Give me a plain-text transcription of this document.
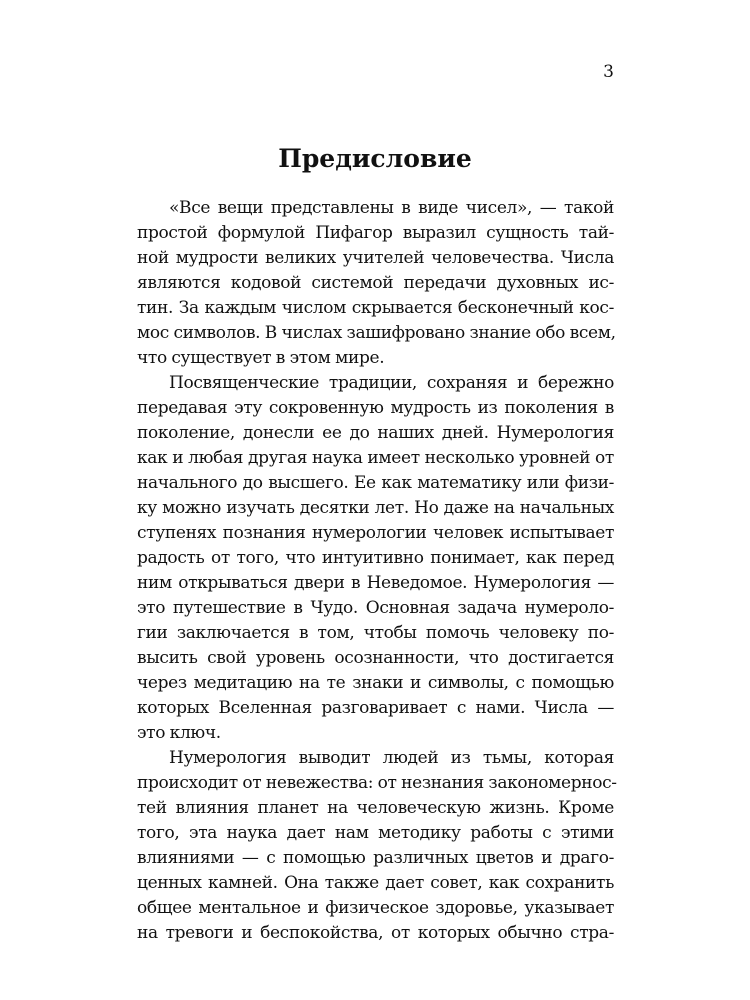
3
Предисловие
«Все вещи представлены в виде чисел», — такой
простой формулой Пифагор выразил сущность тай-
ной мудрости великих учителей человечества. Числа
являются кодовой системой передачи духовных ис-
тин. За каждым числом скрывается бесконечный кос-
мос символов. В числах зашифровано знание обо всем,
что существует в этом мире.
Посвященческие традиции, сохраняя и бережно
передавая эту сокровенную мудрость из поколения в
поколение, донесли ее до наших дней. Нумерология
как и любая другая наука имеет несколько уровней от
начального до высшего. Ее как математику или физи-
ку можно изучать десятки лет. Но даже на начальных
ступенях познания нумерологии человек испытывает
радость от того, что интуитивно понимает, как перед
ним открываться двери в Неведомое. Нумерология —
это путешествие в Чудо. Основная задача нумероло-
гии заключается в том, чтобы помочь человеку по-
высить свой уровень осознанности, что достигается
через медитацию на те знаки и символы, с помощью
которых Вселенная разговаривает с нами. Числа —
это ключ.
Нумерология выводит людей из тьмы, которая
происходит от невежества: от незнания закономернос-
тей влияния планет на человеческую жизнь. Кроме
того, эта наука дает нам методику работы с этими
влияниями — с помощью различных цветов и драго-
ценных камней. Она также дает совет, как сохранить
общее ментальное и физическое здоровье, указывает
на тревоги и беспокойства, от которых обычно стра-
